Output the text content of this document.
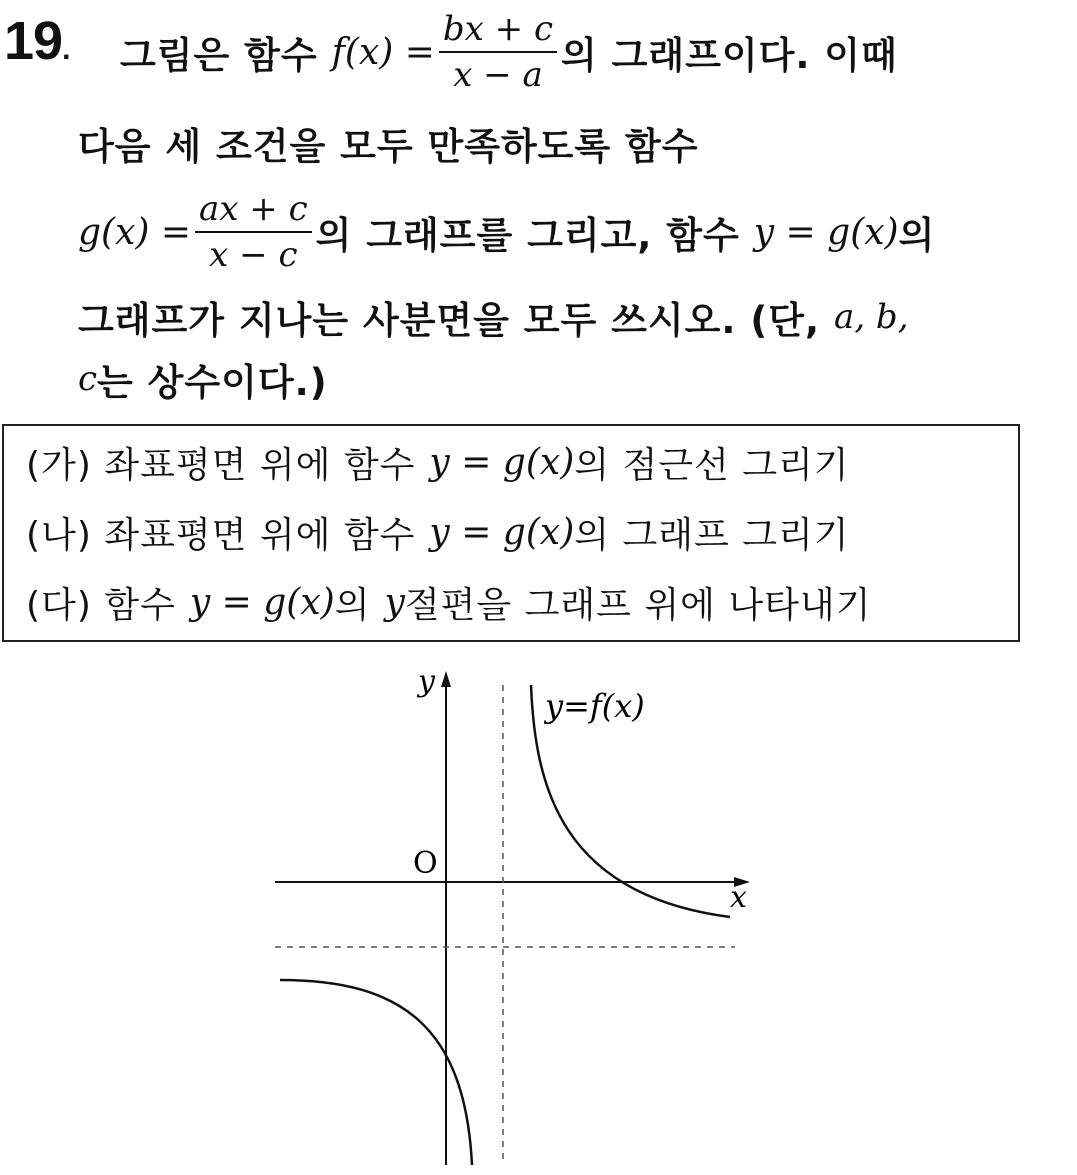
19. 그림은 함수 $f(x) = \frac{bx + c}{x - a}$ 의 그래프이다. 이때
다음 세 조건을 모두 만족하도록 함수
$g(x) = \frac{ax + c}{x - c}$ 의 그래프를 그리고, 함수 y = g(x) 의
그래프가 지나는 사분면을 모두 쓰시오. (단, a, b,
c 는 상수이다.)
(가) 좌표평면 위에 함수 y = g(x) 의 점근선 그리기
(나) 좌표평면 위에 함수 y = g(x) 의 그래프 그리기
(다) 함수 y = g(x) 의 y 절편을 그래프 위에 나타내기
y
x
O
y=f(x)
